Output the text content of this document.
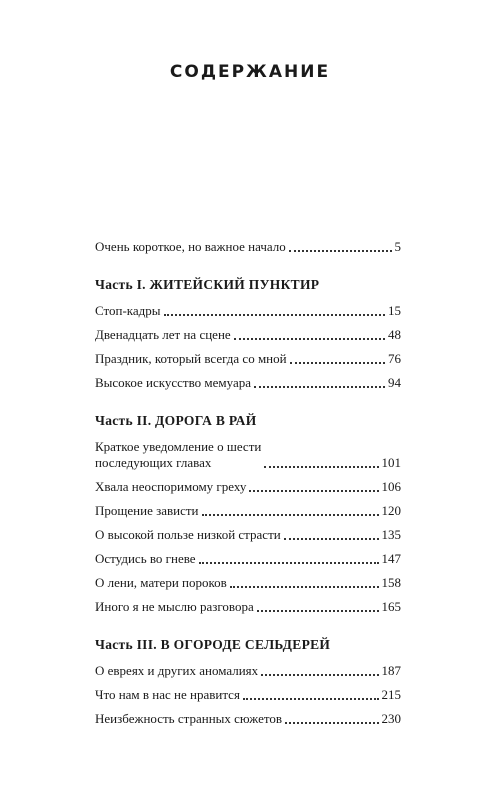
СОДЕРЖАНИЕ
Очень короткое, но важное начало	5
Часть I. ЖИТЕЙСКИЙ ПУНКТИР
Стоп-кадры	15
Двенадцать лет на сцене	48
Праздник, который всегда со мной	76
Высокое искусство мемуара	94
Часть II. ДОРОГА В РАЙ
Краткое уведомление о шести
последующих главах	101
Хвала неоспоримому греху	106
Прощение зависти	120
О высокой пользе низкой страсти	135
Остудись во гневе	147
О лени, матери пороков	158
Иного я не мыслю разговора	165
Часть III. В ОГОРОДЕ СЕЛЬДЕРЕЙ
О евреях и других аномалиях	187
Что нам в нас не нравится	215
Неизбежность странных сюжетов	230
